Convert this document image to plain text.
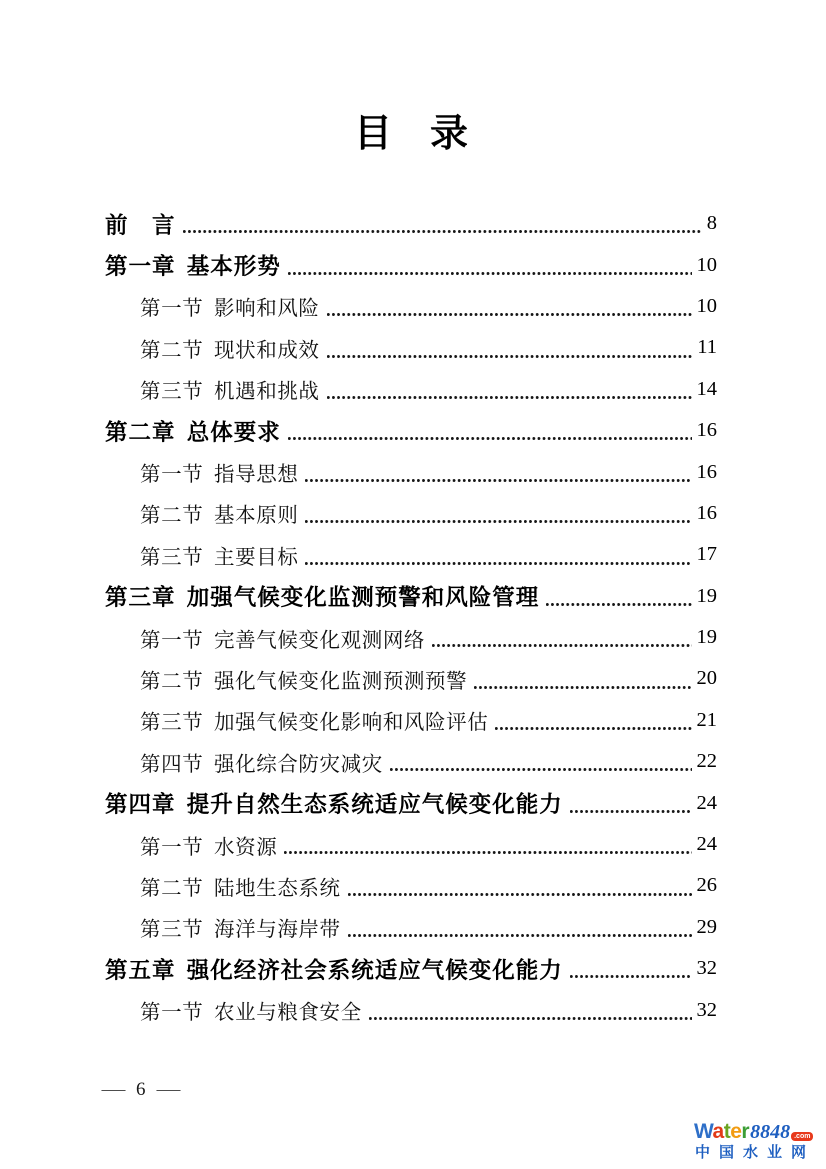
目　录
前　言	8
第一章 基本形势	10
第一节 影响和风险	10
第二节 现状和成效	11
第三节 机遇和挑战	14
第二章 总体要求	16
第一节 指导思想	16
第二节 基本原则	16
第三节 主要目标	17
第三章 加强气候变化监测预警和风险管理	19
第一节 完善气候变化观测网络	19
第二节 强化气候变化监测预测预警	20
第三节 加强气候变化影响和风险评估	21
第四节 强化综合防灾减灾	22
第四章 提升自然生态系统适应气候变化能力	24
第一节 水资源	24
第二节 陆地生态系统	26
第三节 海洋与海岸带	29
第五章 强化经济社会系统适应气候变化能力	32
第一节 农业与粮食安全	32
— 6 —
Water 8848 .com
中国水业网
